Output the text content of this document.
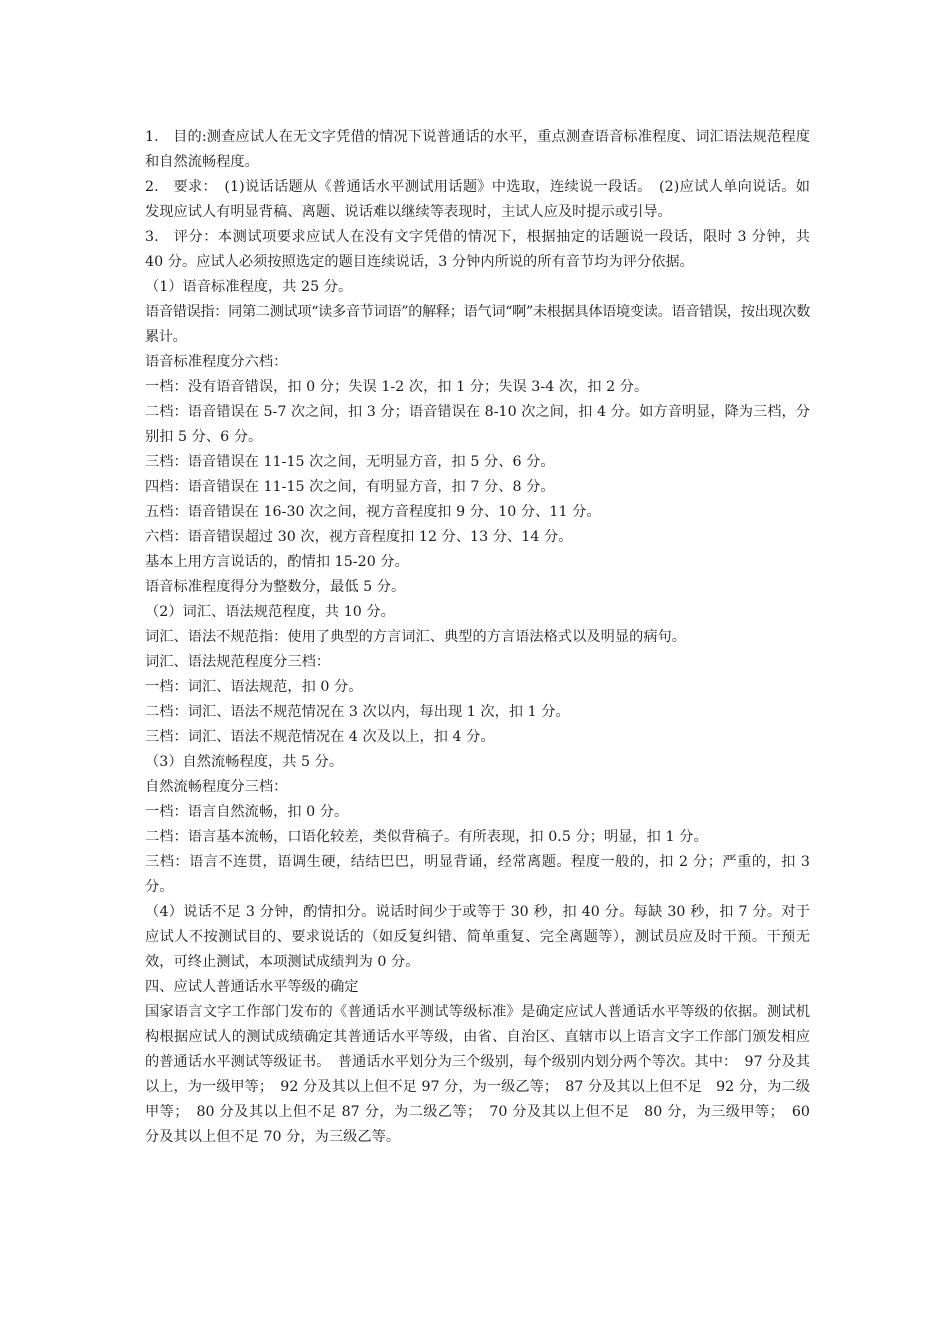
1.　目的:测查应试人在无文字凭借的情况下说普通话的水平，重点测查语音标准程度、词汇语法规范程度和自然流畅程度。

2.　要求：　(1)说话话题从《普通话水平测试用话题》中选取，连续说一段话。　(2)应试人单向说话。如发现应试人有明显背稿、离题、说话难以继续等表现时，主试人应及时提示或引导。

3.　评分：本测试项要求应试人在没有文字凭借的情况下，根据抽定的话题说一段话，限时 3 分钟，共 40 分。应试人必须按照选定的题目连续说话，3 分钟内所说的所有音节均为评分依据。

（1）语音标准程度，共 25 分。

语音错误指：同第二测试项“读多音节词语”的解释；语气词“啊”未根据具体语境变读。语音错误，按出现次数累计。

语音标准程度分六档：

一档：没有语音错误，扣 0 分；失误 1-2 次，扣 1 分；失误 3-4 次，扣 2 分。

二档：语音错误在 5-7 次之间，扣 3 分；语音错误在 8-10 次之间，扣 4 分。如方音明显，降为三档，分别扣 5 分、6 分。

三档：语音错误在 11-15 次之间，无明显方音，扣 5 分、6 分。

四档：语音错误在 11-15 次之间，有明显方音，扣 7 分、8 分。

五档：语音错误在 16-30 次之间，视方音程度扣 9 分、10 分、11 分。

六档：语音错误超过 30 次，视方音程度扣 12 分、13 分、14 分。

基本上用方言说话的，酌情扣 15-20 分。

语音标准程度得分为整数分，最低 5 分。

（2）词汇、语法规范程度，共 10 分。

词汇、语法不规范指：使用了典型的方言词汇、典型的方言语法格式以及明显的病句。

词汇、语法规范程度分三档：

一档：词汇、语法规范，扣 0 分。

二档：词汇、语法不规范情况在 3 次以内，每出现 1 次，扣 1 分。

三档：词汇、语法不规范情况在 4 次及以上，扣 4 分。

（3）自然流畅程度，共 5 分。

自然流畅程度分三档：

一档：语言自然流畅，扣 0 分。

二档：语言基本流畅，口语化较差，类似背稿子。有所表现，扣 0.5 分；明显，扣 1 分。

三档：语言不连贯，语调生硬，结结巴巴，明显背诵，经常离题。程度一般的，扣 2 分；严重的，扣 3 分。

（4）说话不足 3 分钟，酌情扣分。说话时间少于或等于 30 秒，扣 40 分。每缺 30 秒，扣 7 分。对于应试人不按测试目的、要求说话的（如反复纠错、简单重复、完全离题等），测试员应及时干预。干预无效，可终止测试，本项测试成绩判为 0 分。

四、应试人普通话水平等级的确定

国家语言文字工作部门发布的《普通话水平测试等级标准》是确定应试人普通话水平等级的依据。测试机构根据应试人的测试成绩确定其普通话水平等级，由省、自治区、直辖市以上语言文字工作部门颁发相应的普通话水平测试等级证书。　普通话水平划分为三个级别，每个级别内划分两个等次。其中：　97 分及其以上，为一级甲等；　92 分及其以上但不足 97 分，为一级乙等；　87 分及其以上但不足　92 分，为二级甲等；　80 分及其以上但不足 87 分，为二级乙等；　70 分及其以上但不足　80 分，为三级甲等；　60 分及其以上但不足 70 分，为三级乙等。
